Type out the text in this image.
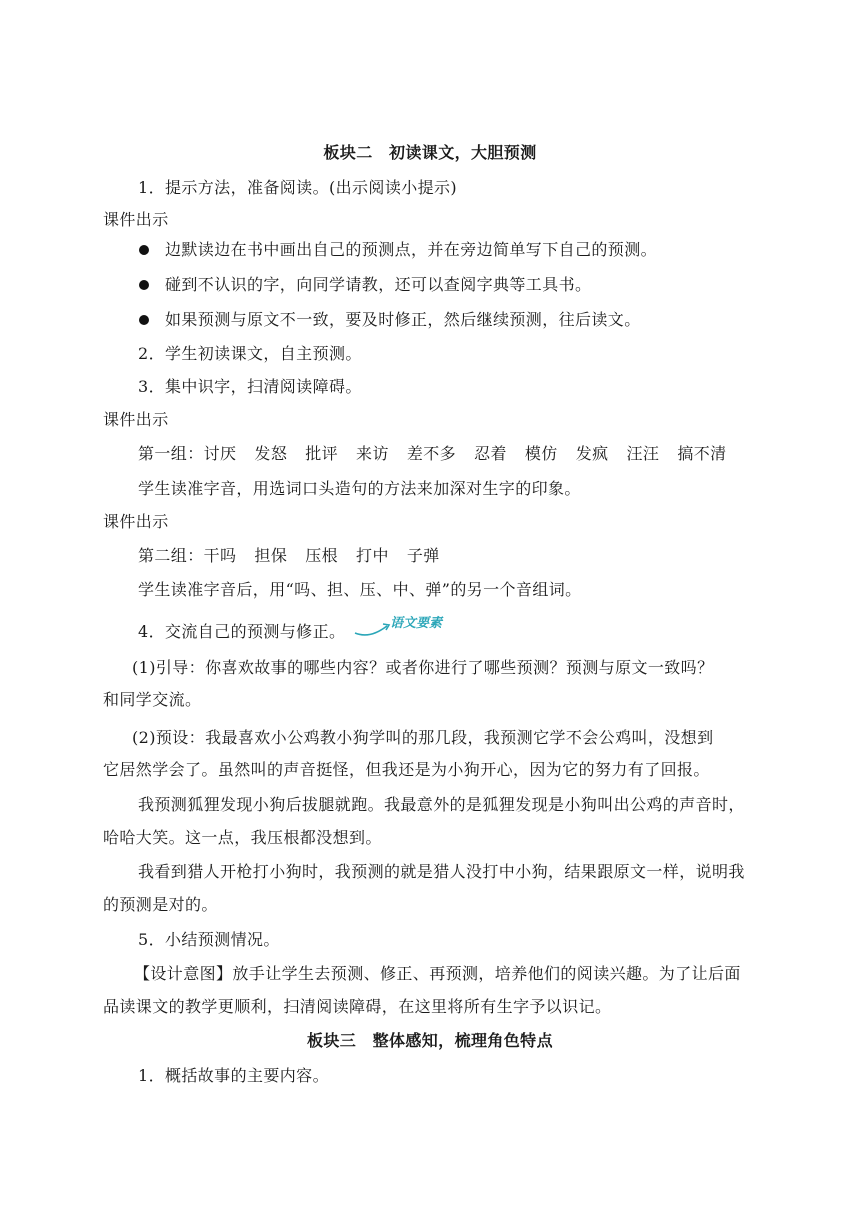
板块二　初读课文，大胆预测
1．提示方法，准备阅读。(出示阅读小提示)
课件出示
边默读边在书中画出自己的预测点，并在旁边简单写下自己的预测。
碰到不认识的字，向同学请教，还可以查阅字典等工具书。
如果预测与原文不一致，要及时修正，然后继续预测，往后读文。
2．学生初读课文，自主预测。
3．集中识字，扫清阅读障碍。
课件出示
第一组：讨厌 发怒 批评 来访 差不多 忍着 模仿 发疯 汪汪 搞不清
学生读准字音，用选词口头造句的方法来加深对生字的印象。
课件出示
第二组：干吗 担保 压根 打中 子弹
学生读准字音后，用“吗、担、压、中、弹”的另一个音组词。
4．交流自己的预测与修正。	语文要素
(1)引导：你喜欢故事的哪些内容？或者你进行了哪些预测？预测与原文一致吗？
和同学交流。
(2)预设：我最喜欢小公鸡教小狗学叫的那几段，我预测它学不会公鸡叫，没想到
它居然学会了。虽然叫的声音挺怪，但我还是为小狗开心，因为它的努力有了回报。
我预测狐狸发现小狗后拔腿就跑。我最意外的是狐狸发现是小狗叫出公鸡的声音时，
哈哈大笑。这一点，我压根都没想到。
我看到猎人开枪打小狗时，我预测的就是猎人没打中小狗，结果跟原文一样，说明我
的预测是对的。
5．小结预测情况。
【设计意图】放手让学生去预测、修正、再预测，培养他们的阅读兴趣。为了让后面
品读课文的教学更顺利，扫清阅读障碍，在这里将所有生字予以识记。
板块三　整体感知，梳理角色特点
1．概括故事的主要内容。
